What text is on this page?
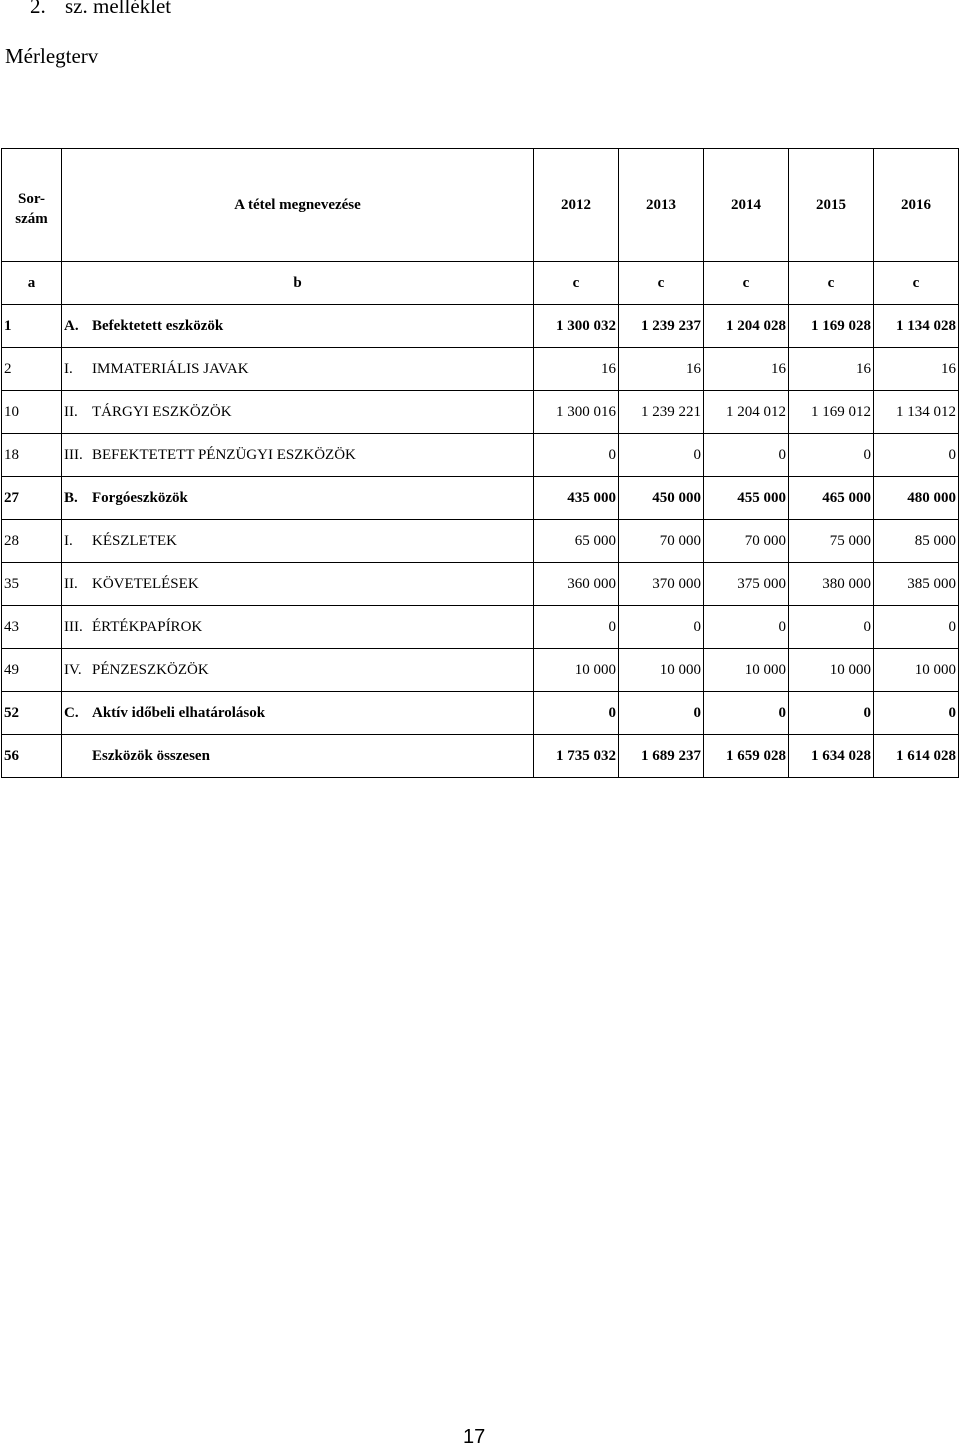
2. sz. melléklet
Mérlegterv
Sor-
szám	A tétel megnevezése	2012	2013	2014	2015	2016
a	b	c	c	c	c	c
1	A. Befektetett eszközök	1 300 032	1 239 237	1 204 028	1 169 028	1 134 028
2	I. IMMATERIÁLIS JAVAK	16	16	16	16	16
10	II. TÁRGYI ESZKÖZÖK	1 300 016	1 239 221	1 204 012	1 169 012	1 134 012
18	III. BEFEKTETETT PÉNZÜGYI ESZKÖZÖK	0	0	0	0	0
27	B. Forgóeszközök	435 000	450 000	455 000	465 000	480 000
28	I. KÉSZLETEK	65 000	70 000	70 000	75 000	85 000
35	II. KÖVETELÉSEK	360 000	370 000	375 000	380 000	385 000
43	III. ÉRTÉKPAPÍROK	0	0	0	0	0
49	IV. PÉNZESZKÖZÖK	10 000	10 000	10 000	10 000	10 000
52	C. Aktív időbeli elhatárolások	0	0	0	0	0
56	Eszközök összesen	1 735 032	1 689 237	1 659 028	1 634 028	1 614 028
17
